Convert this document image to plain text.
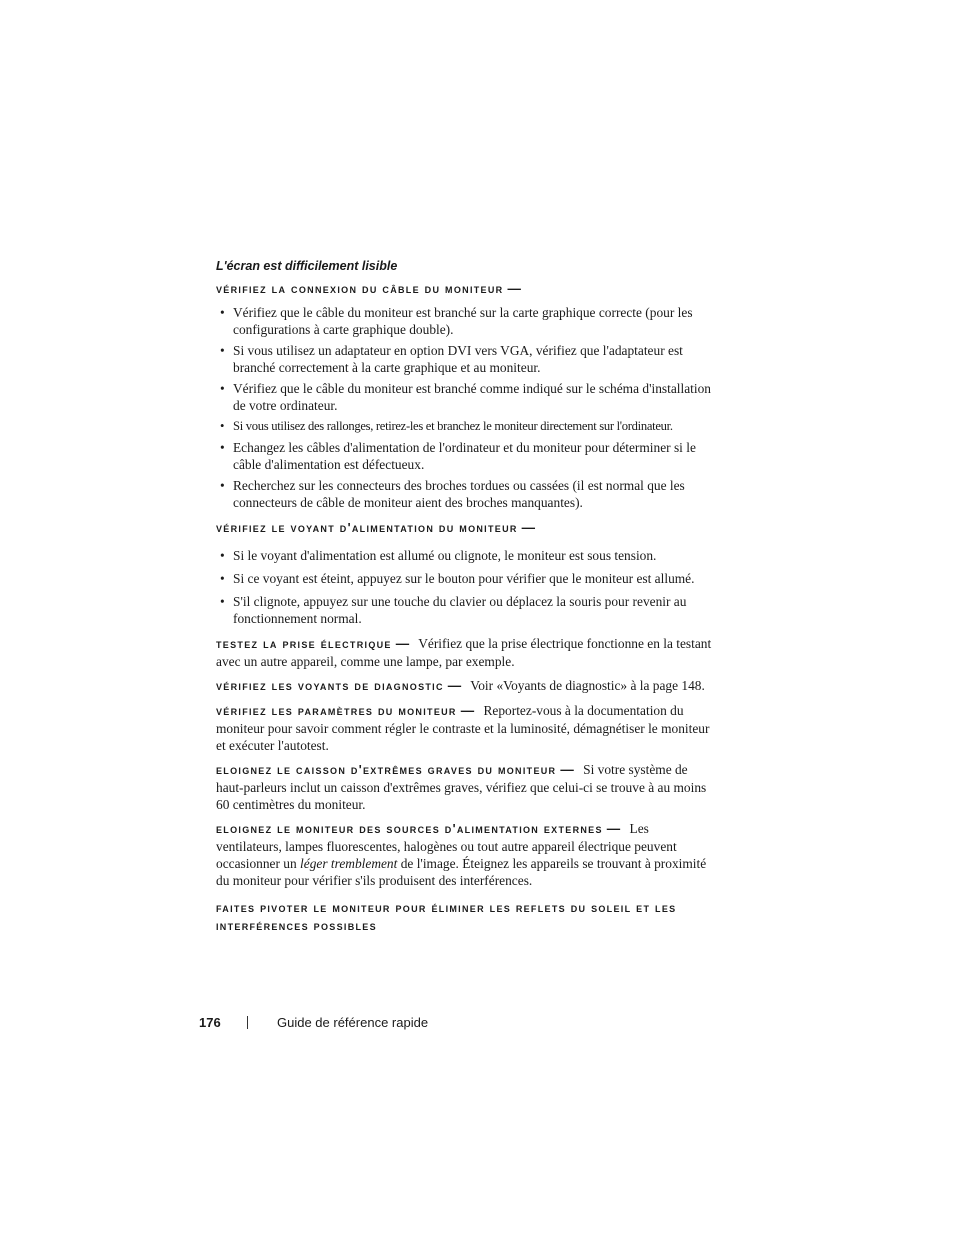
L'écran est difficilement lisible
vérifiez la connexion du câble du moniteur —
• Vérifiez que le câble du moniteur est branché sur la carte graphique correcte (pour les configurations à carte graphique double).
• Si vous utilisez un adaptateur en option DVI vers VGA, vérifiez que l'adaptateur est branché correctement à la carte graphique et au moniteur.
• Vérifiez que le câble du moniteur est branché comme indiqué sur le schéma d'installation de votre ordinateur.
• Si vous utilisez des rallonges, retirez-les et branchez le moniteur directement sur l'ordinateur.
• Echangez les câbles d'alimentation de l'ordinateur et du moniteur pour déterminer si le câble d'alimentation est défectueux.
• Recherchez sur les connecteurs des broches tordues ou cassées (il est normal que les connecteurs de câble de moniteur aient des broches manquantes).
vérifiez le voyant d'alimentation du moniteur —
• Si le voyant d'alimentation est allumé ou clignote, le moniteur est sous tension.
• Si ce voyant est éteint, appuyez sur le bouton pour vérifier que le moniteur est allumé.
• S'il clignote, appuyez sur une touche du clavier ou déplacez la souris pour revenir au fonctionnement normal.

testez la prise électrique — Vérifiez que la prise électrique fonctionne en la testant avec un autre appareil, comme une lampe, par exemple.

vérifiez les voyants de diagnostic — Voir «Voyants de diagnostic» à la page 148.

vérifiez les paramètres du moniteur — Reportez-vous à la documentation du moniteur pour savoir comment régler le contraste et la luminosité, démagnétiser le moniteur et exécuter l'autotest.

eloignez le caisson d'extrêmes graves du moniteur — Si votre système de haut-parleurs inclut un caisson d'extrêmes graves, vérifiez que celui-ci se trouve à au moins 60 centimètres du moniteur.

eloignez le moniteur des sources d'alimentation externes — Les ventilateurs, lampes fluorescentes, halogènes ou tout autre appareil électrique peuvent occasionner un léger tremblement de l'image. Éteignez les appareils se trouvant à proximité du moniteur pour vérifier s'ils produisent des interférences.

faites pivoter le moniteur pour éliminer les reflets du soleil et les interférences possibles
176	Guide de référence rapide
